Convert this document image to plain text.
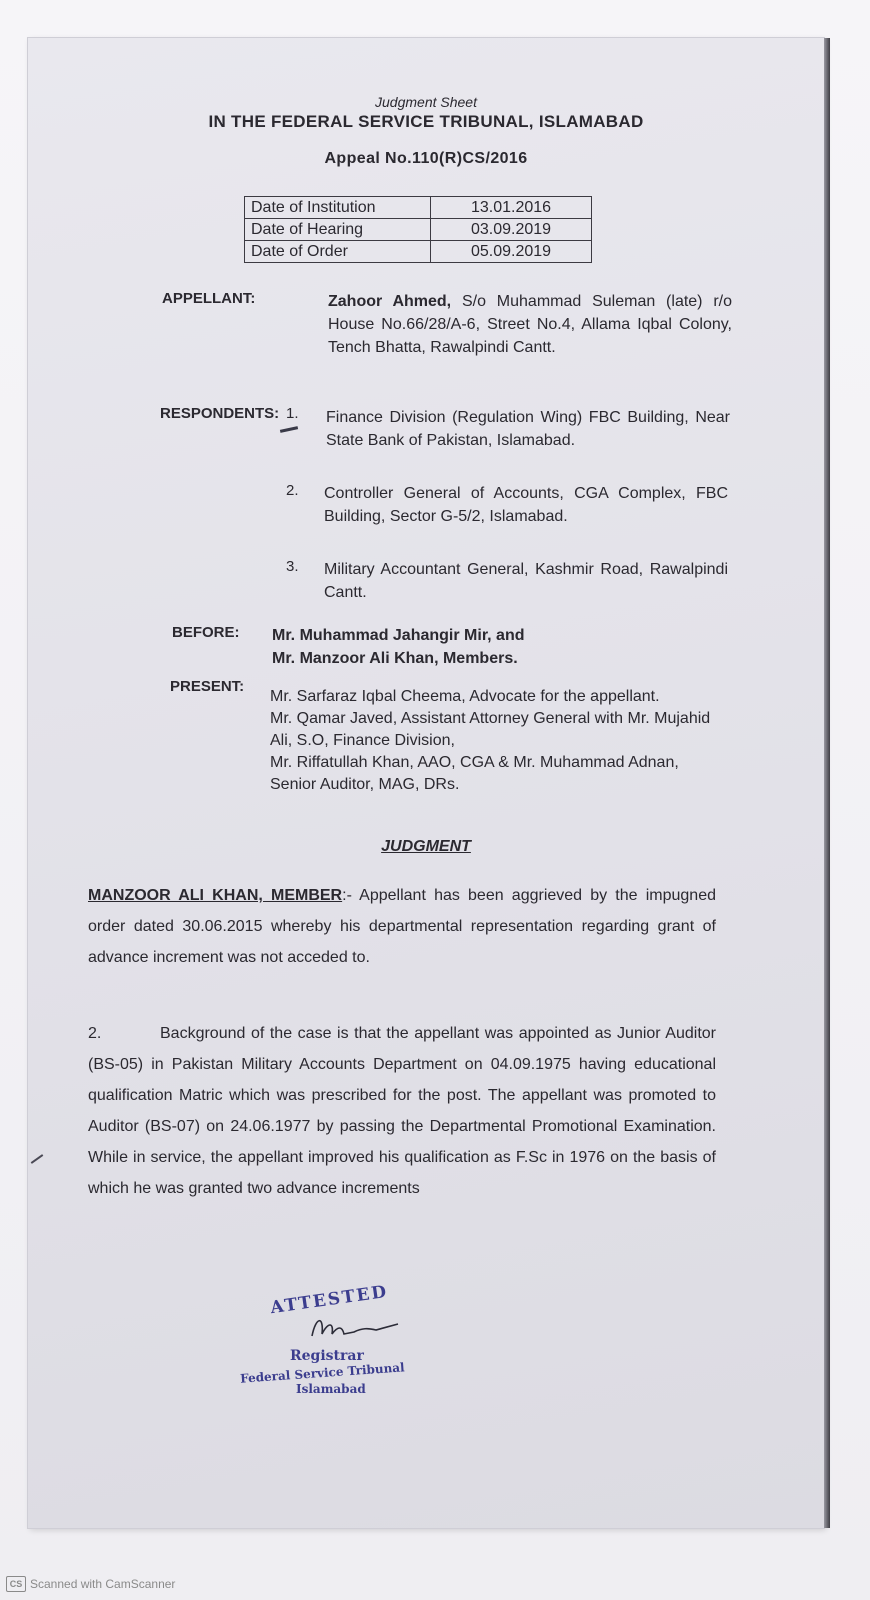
Judgment Sheet
IN THE FEDERAL SERVICE TRIBUNAL, ISLAMABAD
Appeal No.110(R)CS/2016
Date of Institution	13.01.2016
Date of Hearing	03.09.2019
Date of Order	05.09.2019
APPELLANT:	Zahoor Ahmed, S/o Muhammad Suleman (late) r/o House No.66/28/A-6, Street No.4, Allama Iqbal Colony, Tench Bhatta, Rawalpindi Cantt.
RESPONDENTS: 1. Finance Division (Regulation Wing) FBC Building, Near State Bank of Pakistan, Islamabad.
2. Controller General of Accounts, CGA Complex, FBC Building, Sector G-5/2, Islamabad.
3. Military Accountant General, Kashmir Road, Rawalpindi Cantt.
BEFORE: Mr. Muhammad Jahangir Mir, and
Mr. Manzoor Ali Khan, Members.
PRESENT:

Mr. Sarfaraz Iqbal Cheema, Advocate for the appellant.

Mr. Qamar Javed, Assistant Attorney General with Mr. Mujahid Ali, S.O, Finance Division,

Mr. Riffatullah Khan, AAO, CGA & Mr. Muhammad Adnan, Senior Auditor, MAG, DRs.

JUDGMENT
MANZOOR ALI KHAN, MEMBER:- Appellant has been aggrieved by the impugned order dated 30.06.2015 whereby his departmental representation regarding grant of advance increment was not acceded to.
2.	Background of the case is that the appellant was appointed as Junior Auditor (BS-05) in Pakistan Military Accounts Department on 04.09.1975 having educational qualification Matric which was prescribed for the post. The appellant was promoted to Auditor (BS-07) on 24.06.1977 by passing the Departmental Promotional Examination. While in service, the appellant improved his qualification as F.Sc in 1976 on the basis of which he was granted two advance increments
ATTESTED
Registrar
Federal Service Tribunal
Islamabad
CS Scanned with CamScanner
